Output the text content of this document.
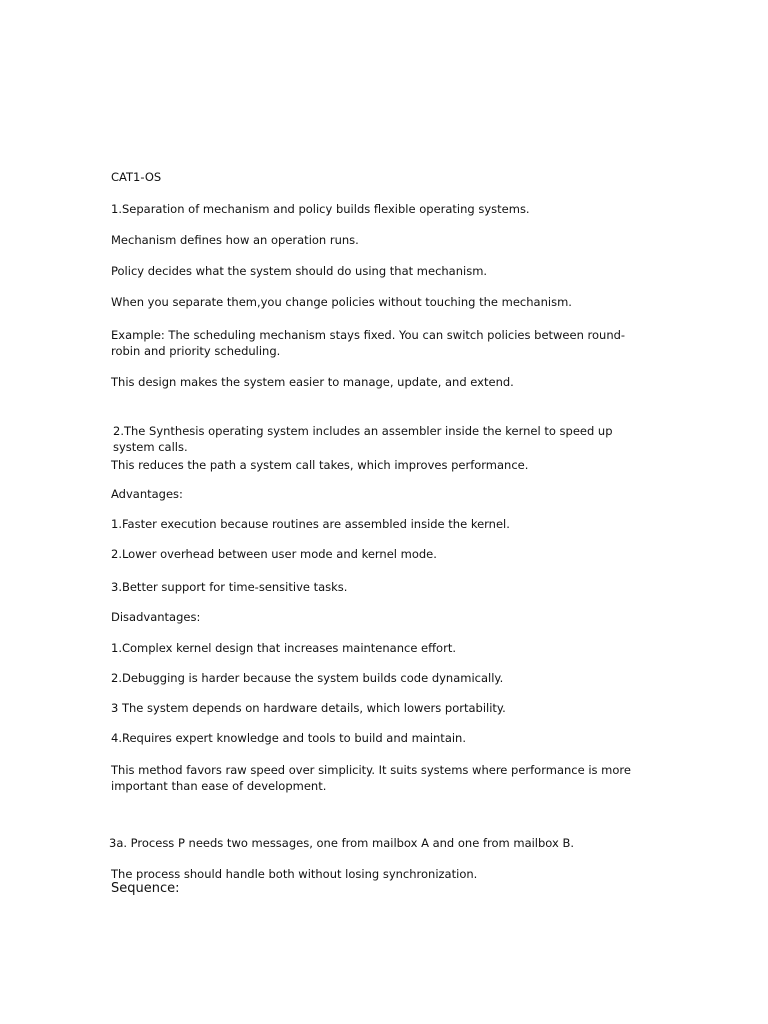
CAT1-OS

1.Separation of mechanism and policy builds flexible operating systems.

Mechanism defines how an operation runs.

Policy decides what the system should do using that mechanism.

When you separate them,you change policies without touching the mechanism.

Example: The scheduling mechanism stays fixed. You can switch policies between round-robin and priority scheduling.

This design makes the system easier to manage, update, and extend.

2.The Synthesis operating system includes an assembler inside the kernel to speed up system calls.

This reduces the path a system call takes, which improves performance.

Advantages:

1.Faster execution because routines are assembled inside the kernel.

2.Lower overhead between user mode and kernel mode.

3.Better support for time-sensitive tasks.

Disadvantages:

1.Complex kernel design that increases maintenance effort.

2.Debugging is harder because the system builds code dynamically.

3 The system depends on hardware details, which lowers portability.

4.Requires expert knowledge and tools to build and maintain.

This method favors raw speed over simplicity. It suits systems where performance is more important than ease of development.

3a. Process P needs two messages, one from mailbox A and one from mailbox B.

The process should handle both without losing synchronization.

Sequence:
